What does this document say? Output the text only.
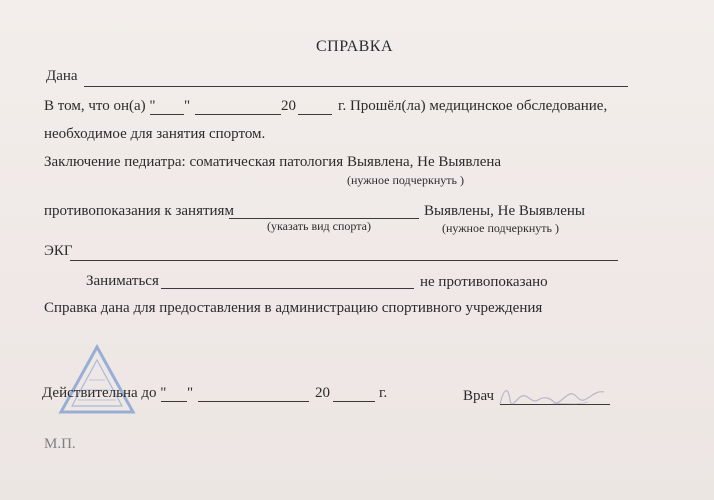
СПРАВКА
Дана
В том, что он(а) " "	20	г. Прошёл(ла) медицинское обследование,
необходимое для занятия спортом.
Заключение педиатра: соматическая патология Выявлена, Не Выявлена
(нужное подчеркнуть )
противопоказания к занятиям	Выявлены, Не Выявлены
(указать вид спорта)	(нужное подчеркнуть )
ЭКГ
Заниматься	не противопоказано
Справка дана для предоставления в администрацию спортивного учреждения
Действительна до " "	20	г.	Врач
М.П.
